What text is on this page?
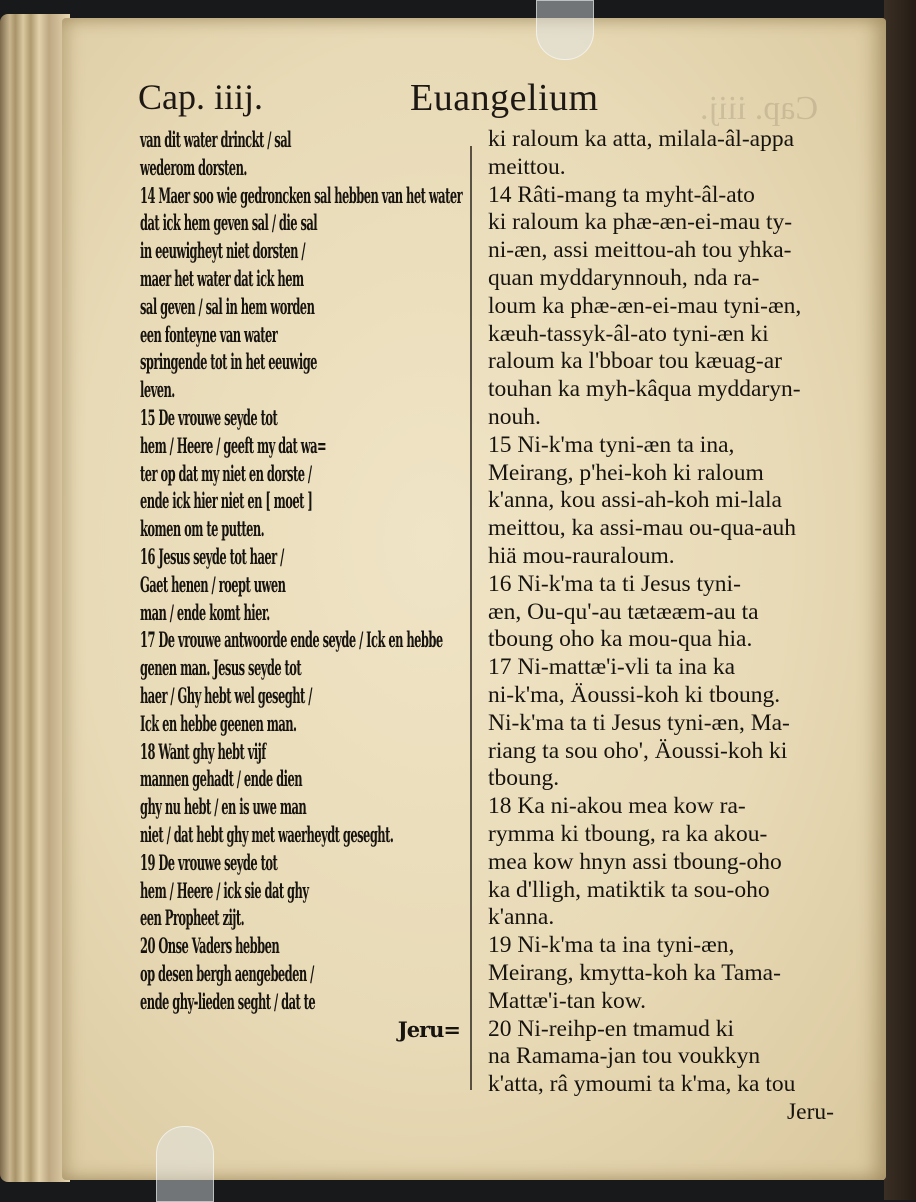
Cap. iiij.
Cap. iiij.	Euangelium
van dit water drinckt / sal
wederom dorsten.
14 Maer soo wie gedroncken sal hebben van het water
dat ick hem geven sal / die sal
in eeuwigheyt niet dorsten /
maer het water dat ick hem
sal geven / sal in hem worden
een fonteyne van water
springende tot in het eeuwige
leven.
15 De vrouwe seyde tot
hem / Heere / geeft my dat wa=
ter op dat my niet en dorste /
ende ick hier niet en [ moet ]
komen om te putten.
16 Jesus seyde tot haer /
Gaet henen / roept uwen
man / ende komt hier.
17 De vrouwe antwoorde ende seyde / Ick en hebbe
genen man. Jesus seyde tot
haer / Ghy hebt wel geseght /
Ick en hebbe geenen man.
18 Want ghy hebt vijf
mannen gehadt / ende dien
ghy nu hebt / en is uwe man
niet / dat hebt ghy met waerheydt geseght.
19 De vrouwe seyde tot
hem / Heere / ick sie dat ghy
een Propheet zijt.
20 Onse Vaders hebben
op desen bergh aengebeden /
ende ghy-lieden seght / dat te
Jeru=
ki raloum ka atta, milala-âl-appa
meittou.
14 Râti-mang ta myht-âl-ato
ki raloum ka phæ-æn-ei-mau ty-
ni-æn, assi meittou-ah tou yhka-
quan myddarynnouh, nda ra-
loum ka phæ-æn-ei-mau tyni-æn,
kæuh-tassyk-âl-ato tyni-æn ki
raloum ka l'bboar tou kæuag-ar
touhan ka myh-kâqua myddaryn-
nouh.
15 Ni-k'ma tyni-æn ta ina,
Meirang, p'hei-koh ki raloum
k'anna, kou assi-ah-koh mi-lala
meittou, ka assi-mau ou-qua-auh
hiä mou-rauraloum.
16 Ni-k'ma ta ti Jesus tyni-
æn, Ou-qu'-au tætææm-au ta
tboung oho ka mou-qua hia.
17 Ni-mattæ'i-vli ta ina ka
ni-k'ma, Äoussi-koh ki tboung.
Ni-k'ma ta ti Jesus tyni-æn, Ma-
riang ta sou oho', Äoussi-koh ki
tboung.
18 Ka ni-akou mea kow ra-
rymma ki tboung, ra ka akou-
mea kow hnyn assi tboung-oho
ka d'lligh, matiktik ta sou-oho
k'anna.
19 Ni-k'ma ta ina tyni-æn,
Meirang, kmytta-koh ka Tama-
Mattæ'i-tan kow.
20 Ni-reihp-en tmamud ki
na Ramama-jan tou voukkyn
k'atta, râ ymoumi ta k'ma, ka tou
Jeru-
